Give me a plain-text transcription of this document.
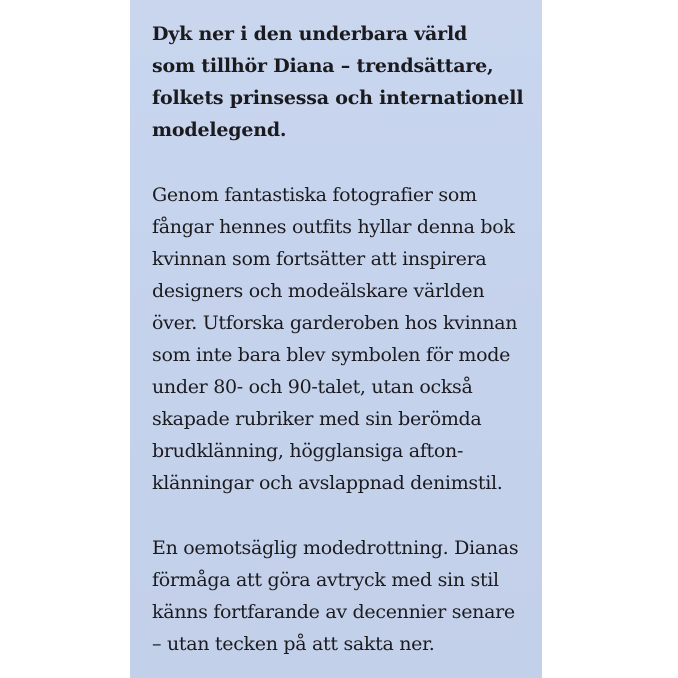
Dyk ner i den underbara värld
som tillhör Diana – trendsättare,
folkets prinsessa och internationell
modelegend.
Genom fantastiska fotografier som
fångar hennes outfits hyllar denna bok
kvinnan som fortsätter att inspirera
designers och modeälskare världen
över. Utforska garderoben hos kvinnan
som inte bara blev symbolen för mode
under 80- och 90-talet, utan också
skapade rubriker med sin berömda
brudklänning, högglansiga afton-
klänningar och avslappnad denimstil.
En oemotsäglig modedrottning. Dianas
förmåga att göra avtryck med sin stil
känns fortfarande av decennier senare
– utan tecken på att sakta ner.
